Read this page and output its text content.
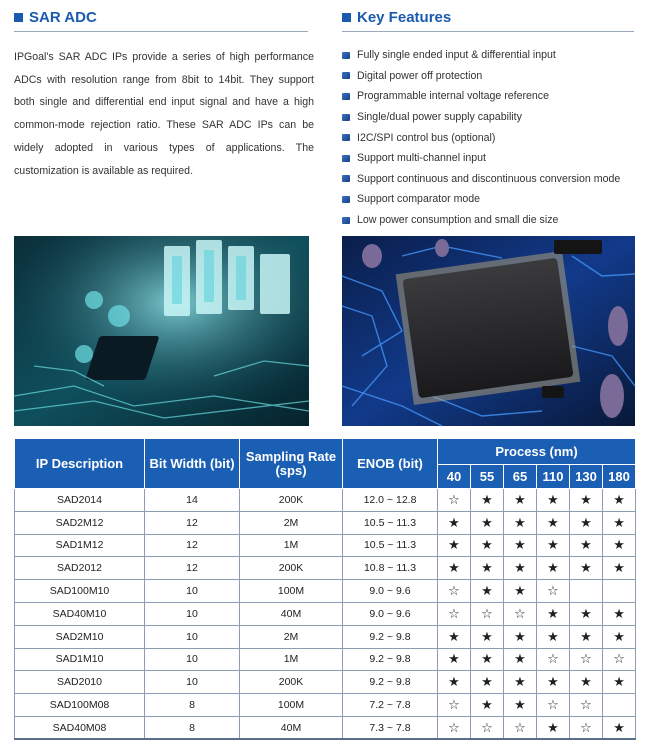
SAR ADC	Key Features

IPGoal's SAR ADC IPs provide a series of high performance ADCs with resolution range from 8bit to 14bit. They support both single and differential end input signal and have a high common-mode rejection ratio. These SAR ADC IPs can be widely adopted in various types of applications. The customization is available as required.

Fully single ended input & differential input
Digital power off protection
Programmable internal voltage reference
Single/dual power supply capability
I2C/SPI control bus (optional)
Support multi-channel input
Support continuous and discontinuous conversion mode
Support comparator mode
Low power consumption and small die size
IP Description	Bit Width (bit)	Sampling Rate (sps)	ENOB (bit)	Process (nm)					
				40	55	65	110	130	180
SAD2014	14	200K	12.0 ~ 12.8	☆	★	★	★	★	★
SAD2M12	12	2M	10.5 ~ 11.3	★	★	★	★	★	★
SAD1M12	12	1M	10.5 ~ 11.3	★	★	★	★	★	★
SAD2012	12	200K	10.8 ~ 11.3	★	★	★	★	★	★
SAD100M10	10	100M	9.0 ~ 9.6	☆	★	★	☆		
SAD40M10	10	40M	9.0 ~ 9.6	☆	☆	☆	★	★	★
SAD2M10	10	2M	9.2 ~ 9.8	★	★	★	★	★	★
SAD1M10	10	1M	9.2 ~ 9.8	★	★	★	☆	☆	☆
SAD2010	10	200K	9.2 ~ 9.8	★	★	★	★	★	★
SAD100M08	8	100M	7.2 ~ 7.8	☆	★	★	☆	☆	
SAD40M08	8	40M	7.3 ~ 7.8	☆	☆	☆	★	☆	★
